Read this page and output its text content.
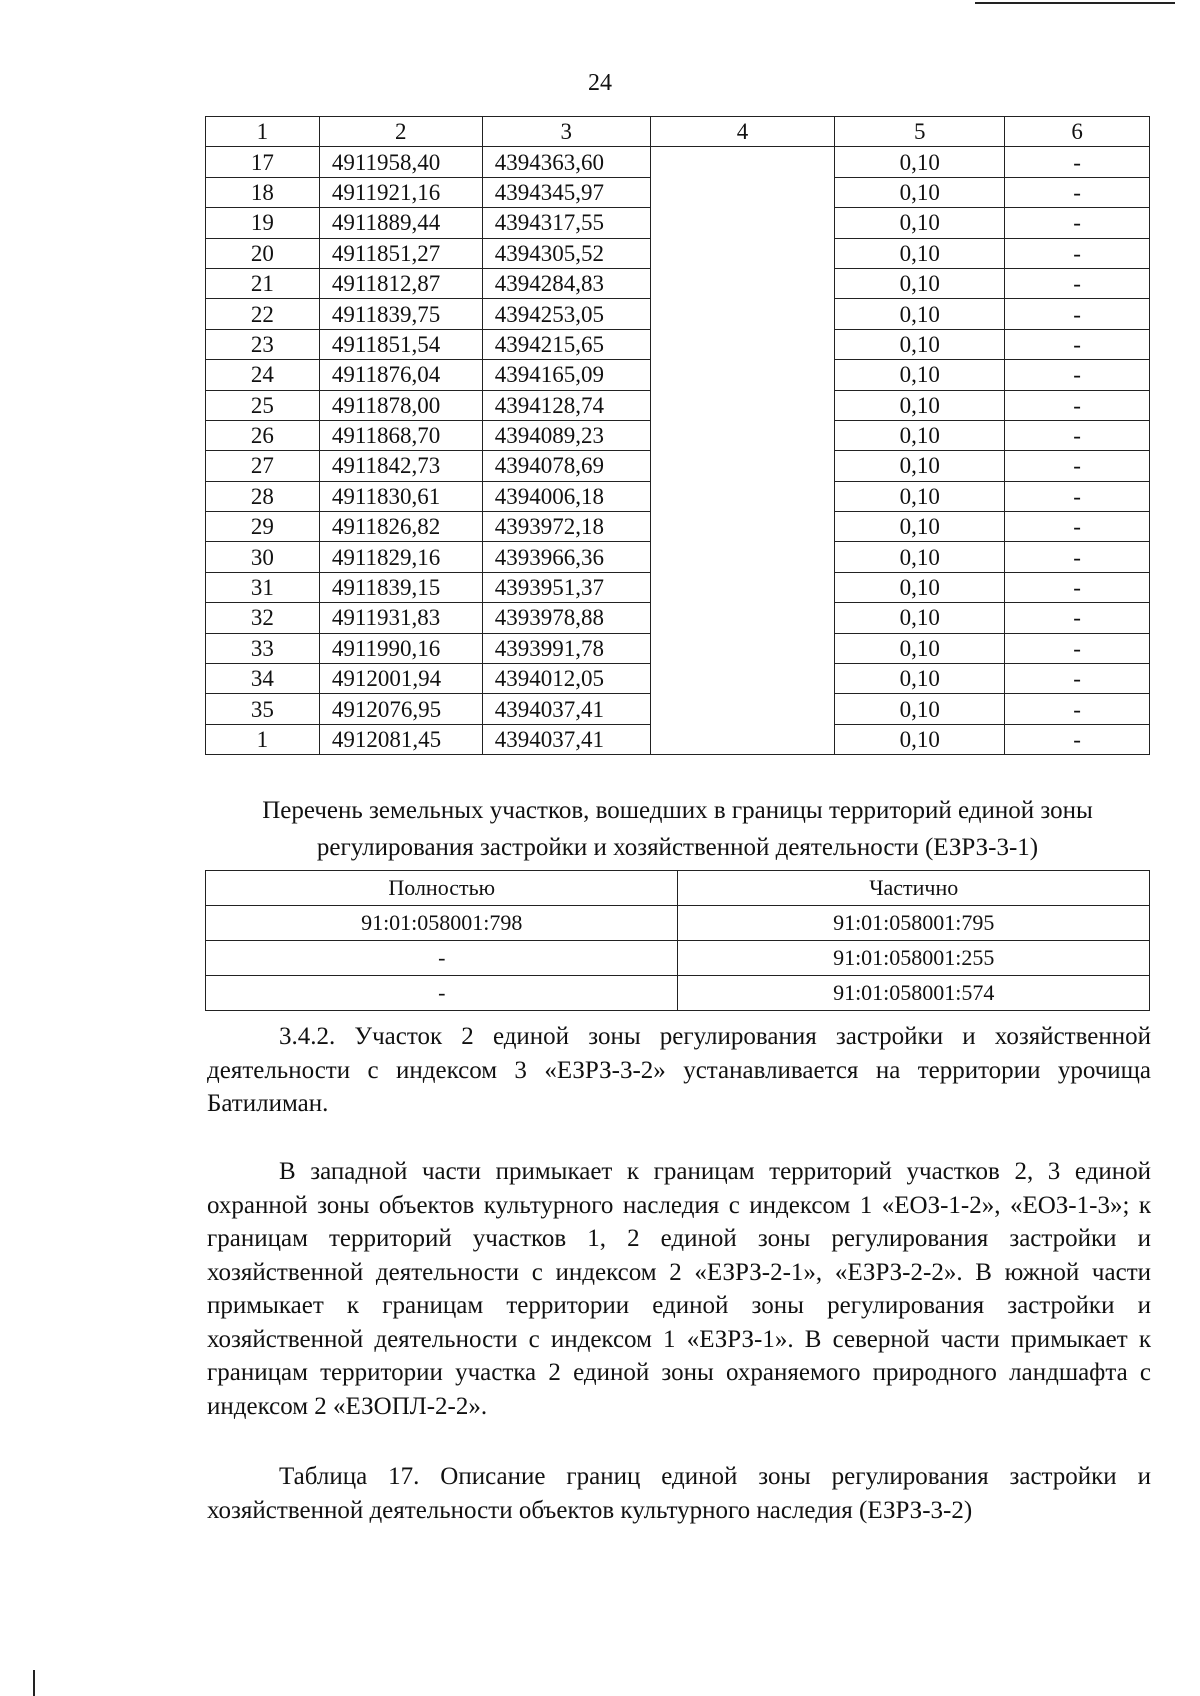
24
1	2	3	4	5	6
17	4911958,40	4394363,60		0,10	-
18	4911921,16	4394345,97		0,10	-
19	4911889,44	4394317,55		0,10	-
20	4911851,27	4394305,52		0,10	-
21	4911812,87	4394284,83		0,10	-
22	4911839,75	4394253,05		0,10	-
23	4911851,54	4394215,65		0,10	-
24	4911876,04	4394165,09		0,10	-
25	4911878,00	4394128,74		0,10	-
26	4911868,70	4394089,23		0,10	-
27	4911842,73	4394078,69		0,10	-
28	4911830,61	4394006,18		0,10	-
29	4911826,82	4393972,18		0,10	-
30	4911829,16	4393966,36		0,10	-
31	4911839,15	4393951,37		0,10	-
32	4911931,83	4393978,88		0,10	-
33	4911990,16	4393991,78		0,10	-
34	4912001,94	4394012,05		0,10	-
35	4912076,95	4394037,41		0,10	-
1	4912081,45	4394037,41		0,10	-
Перечень земельных участков, вошедших в границы территорий единой зоны регулирования застройки и хозяйственной деятельности (ЕЗРЗ-3-1)
Полностью	Частично
91:01:058001:798	91:01:058001:795
-	91:01:058001:255
-	91:01:058001:574

3.4.2. Участок 2 единой зоны регулирования застройки и хозяйственной деятельности с индексом 3 «ЕЗРЗ-3-2» устанавливается на территории урочища Батилиман.

В западной части примыкает к границам территорий участков 2, 3 единой охранной зоны объектов культурного наследия с индексом 1 «ЕОЗ-1-2», «ЕОЗ-1-3»; к границам территорий участков 1, 2 единой зоны регулирования застройки и хозяйственной деятельности с индексом 2 «ЕЗРЗ-2-1», «ЕЗРЗ-2-2». В южной части примыкает к границам территории единой зоны регулирования застройки и хозяйственной деятельности с индексом 1 «ЕЗРЗ-1». В северной части примыкает к границам территории участка 2 единой зоны охраняемого природного ландшафта с индексом 2 «ЕЗОПЛ-2-2».

Таблица 17. Описание границ единой зоны регулирования застройки и хозяйственной деятельности объектов культурного наследия (ЕЗРЗ-3-2)
